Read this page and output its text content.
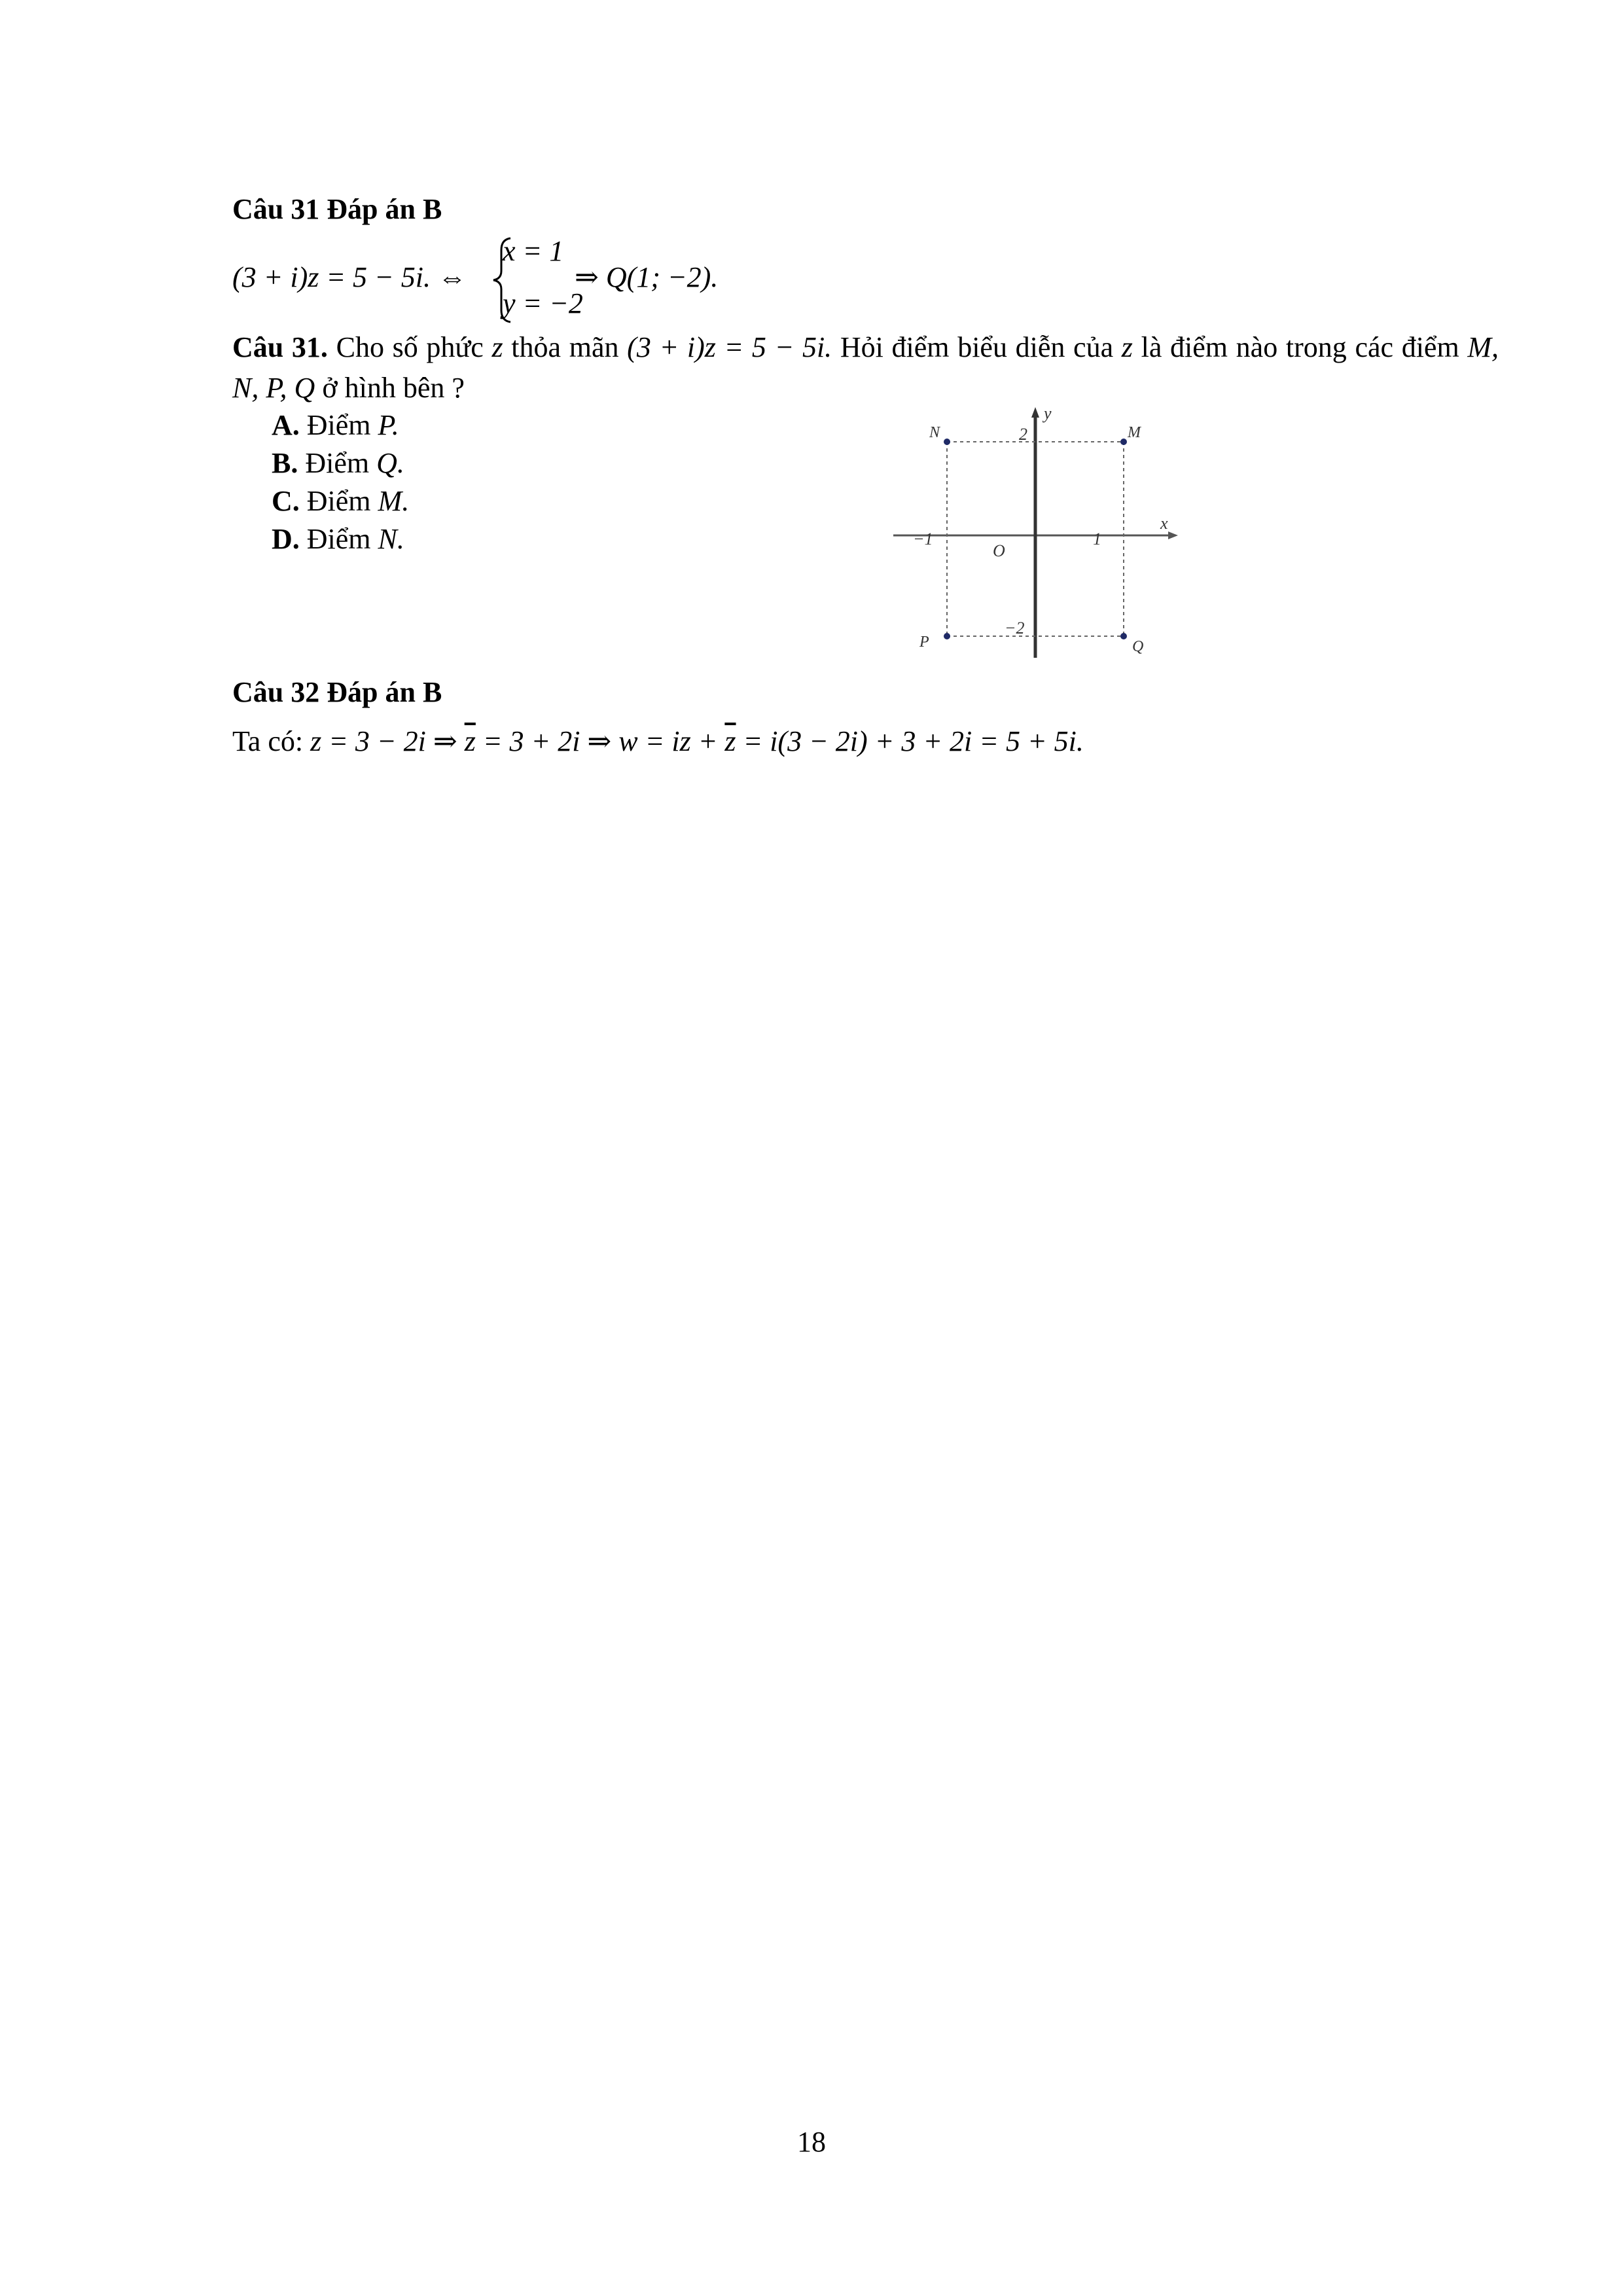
Câu 31 Đáp án B
(3 + i)z = 5 − 5i. ⇔
x = 1
y = −2
⇒ Q(1; −2).
Câu 31. Cho số phức z thỏa mãn (3 + i)z = 5 − 5i. Hỏi điểm biểu diễn của z là điểm nào trong các điểm M, N, P, Q ở hình bên ?
A. Điểm P.
B. Điểm Q.
C. Điểm M.
D. Điểm N.
y
x
O
−1	1
2
−2
N	M
P	Q
Câu 32 Đáp án B
Ta có: z = 3 − 2i ⇒ $\overline{z} = 3 + 2i$ ⇒ w = iz + $\overline{z} = i(3 - 2i) + 3 + 2i = 5 + 5i$.
18
